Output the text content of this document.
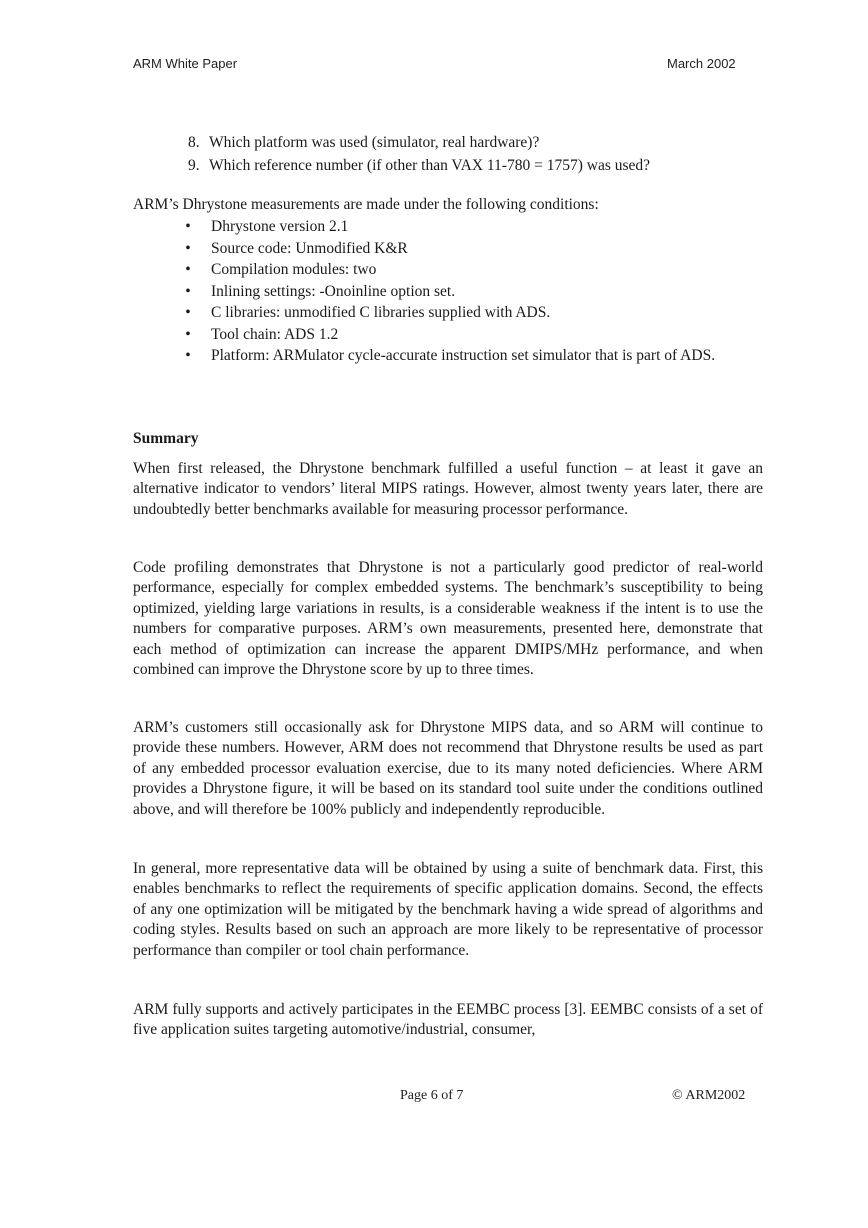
ARM White Paper	March 2002
8. Which platform was used (simulator, real hardware)?
9. Which reference number (if other than VAX 11-780 = 1757) was used?
ARM’s Dhrystone measurements are made under the following conditions:
• Dhrystone version 2.1
• Source code: Unmodified K&R
• Compilation modules: two
• Inlining settings: -Onoinline option set.
• C libraries: unmodified C libraries supplied with ADS.
• Tool chain: ADS 1.2
• Platform: ARMulator cycle-accurate instruction set simulator that is part of ADS.
Summary

When first released, the Dhrystone benchmark fulfilled a useful function – at least it gave an alternative indicator to vendors’ literal MIPS ratings. However, almost twenty years later, there are undoubtedly better benchmarks available for measuring processor performance.

Code profiling demonstrates that Dhrystone is not a particularly good predictor of real-world performance, especially for complex embedded systems. The benchmark’s susceptibility to being optimized, yielding large variations in results, is a considerable weakness if the intent is to use the numbers for comparative purposes. ARM’s own measurements, presented here, demonstrate that each method of optimization can increase the apparent DMIPS/MHz performance, and when combined can improve the Dhrystone score by up to three times.

ARM’s customers still occasionally ask for Dhrystone MIPS data, and so ARM will continue to provide these numbers. However, ARM does not recommend that Dhrystone results be used as part of any embedded processor evaluation exercise, due to its many noted deficiencies. Where ARM provides a Dhrystone figure, it will be based on its standard tool suite under the conditions outlined above, and will therefore be 100% publicly and independently reproducible.

In general, more representative data will be obtained by using a suite of benchmark data. First, this enables benchmarks to reflect the requirements of specific application domains. Second, the effects of any one optimization will be mitigated by the benchmark having a wide spread of algorithms and coding styles. Results based on such an approach are more likely to be representative of processor performance than compiler or tool chain performance.

ARM fully supports and actively participates in the EEMBC process [3]. EEMBC consists of a set of five application suites targeting automotive/industrial, consumer,

Page 6 of 7	© ARM2002
